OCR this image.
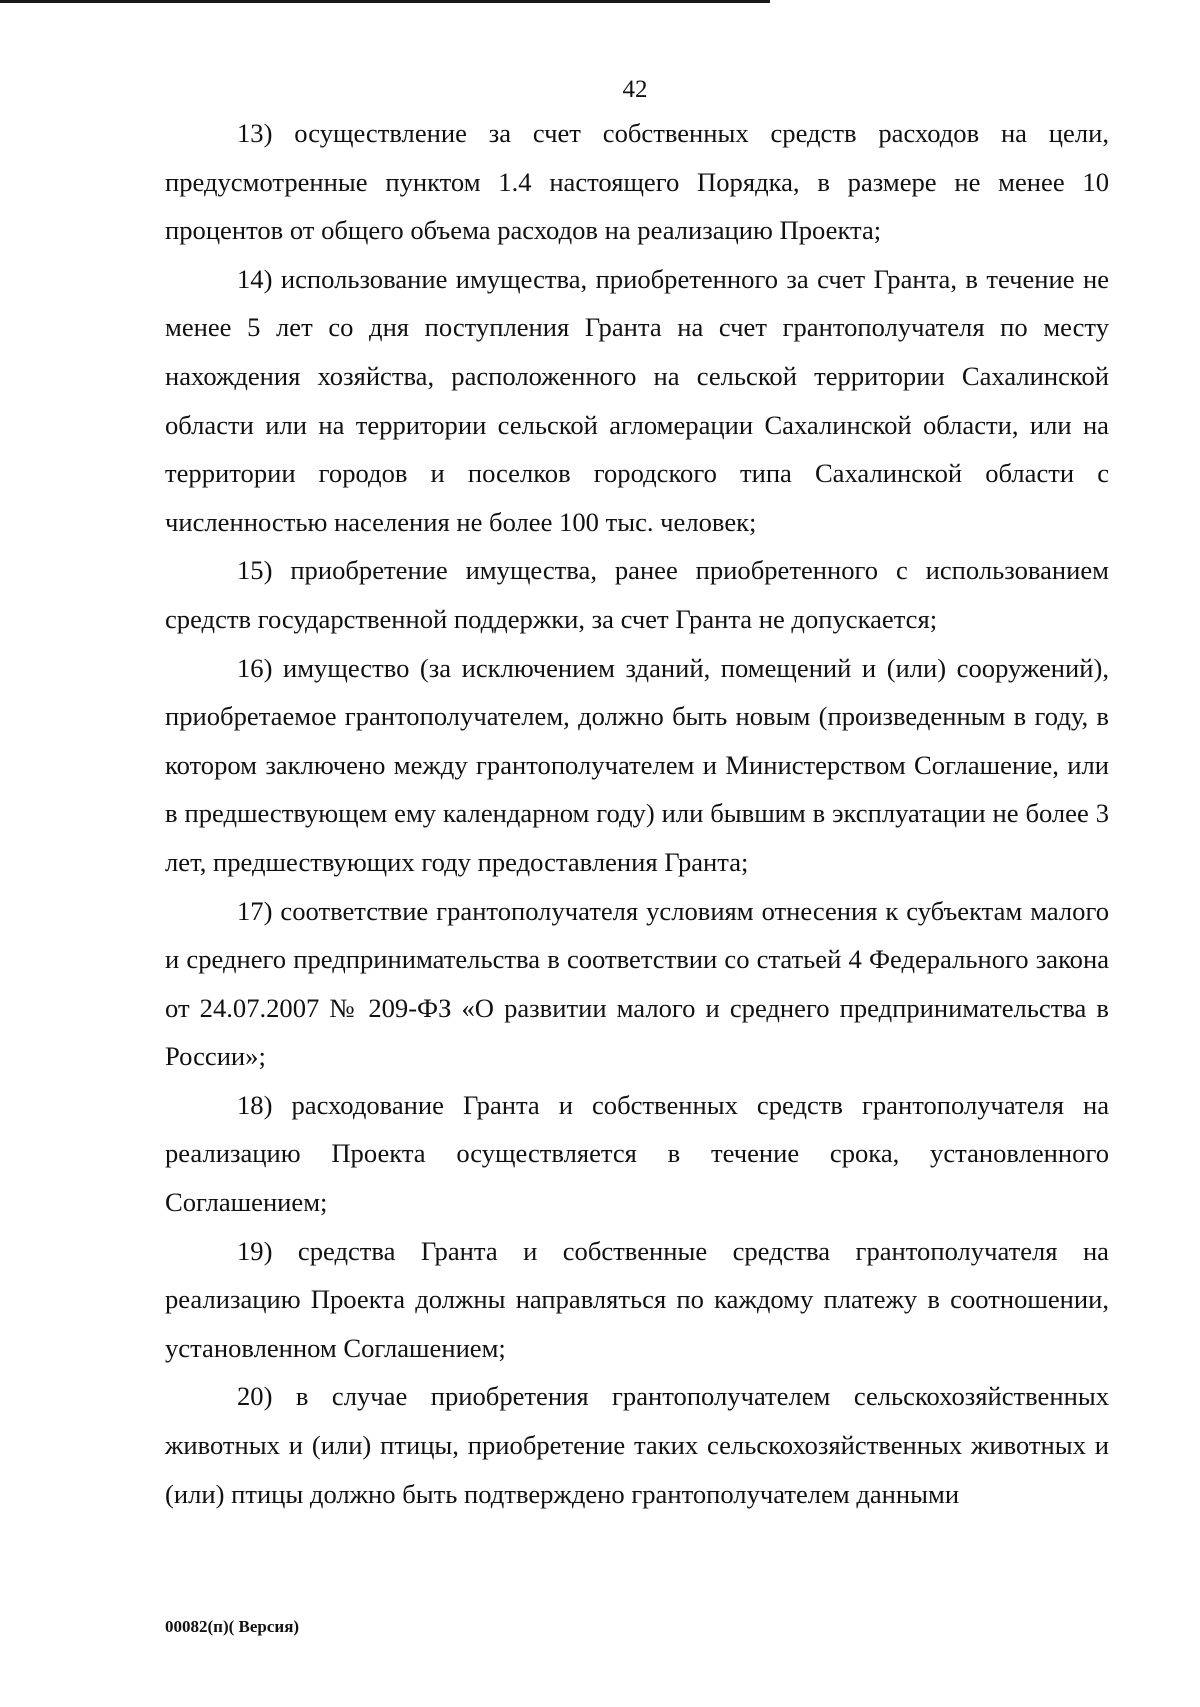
42

13) осуществление за счет собственных средств расходов на цели, предусмотренные пунктом 1.4 настоящего Порядка, в размере не менее 10 процентов от общего объема расходов на реализацию Проекта;

14) использование имущества, приобретенного за счет Гранта, в течение не менее 5 лет со дня поступления Гранта на счет грантополучателя по месту нахождения хозяйства, расположенного на сельской территории Сахалинской области или на территории сельской агломерации Сахалинской области, или на территории городов и поселков городского типа Сахалинской области с численностью населения не более 100 тыс. человек;

15) приобретение имущества, ранее приобретенного с использованием средств государственной поддержки, за счет Гранта не допускается;

16) имущество (за исключением зданий, помещений и (или) сооружений), приобретаемое грантополучателем, должно быть новым (произведенным в году, в котором заключено между грантополучателем и Министерством Соглашение, или в предшествующем ему календарном году) или бывшим в эксплуатации не более 3 лет, предшествующих году предоставления Гранта;

17) соответствие грантополучателя условиям отнесения к субъектам малого и среднего предпринимательства в соответствии со статьей 4 Федерального закона от 24.07.2007 № 209-ФЗ «О развитии малого и среднего предпринимательства в России»;

18) расходование Гранта и собственных средств грантополучателя на реализацию Проекта осуществляется в течение срока, установленного Соглашением;

19) средства Гранта и собственные средства грантополучателя на реализацию Проекта должны направляться по каждому платежу в соотношении, установленном Соглашением;

20) в случае приобретения грантополучателем сельскохозяйственных животных и (или) птицы, приобретение таких сельскохозяйственных животных и (или) птицы должно быть подтверждено грантополучателем данными

00082(п)( Версия)
